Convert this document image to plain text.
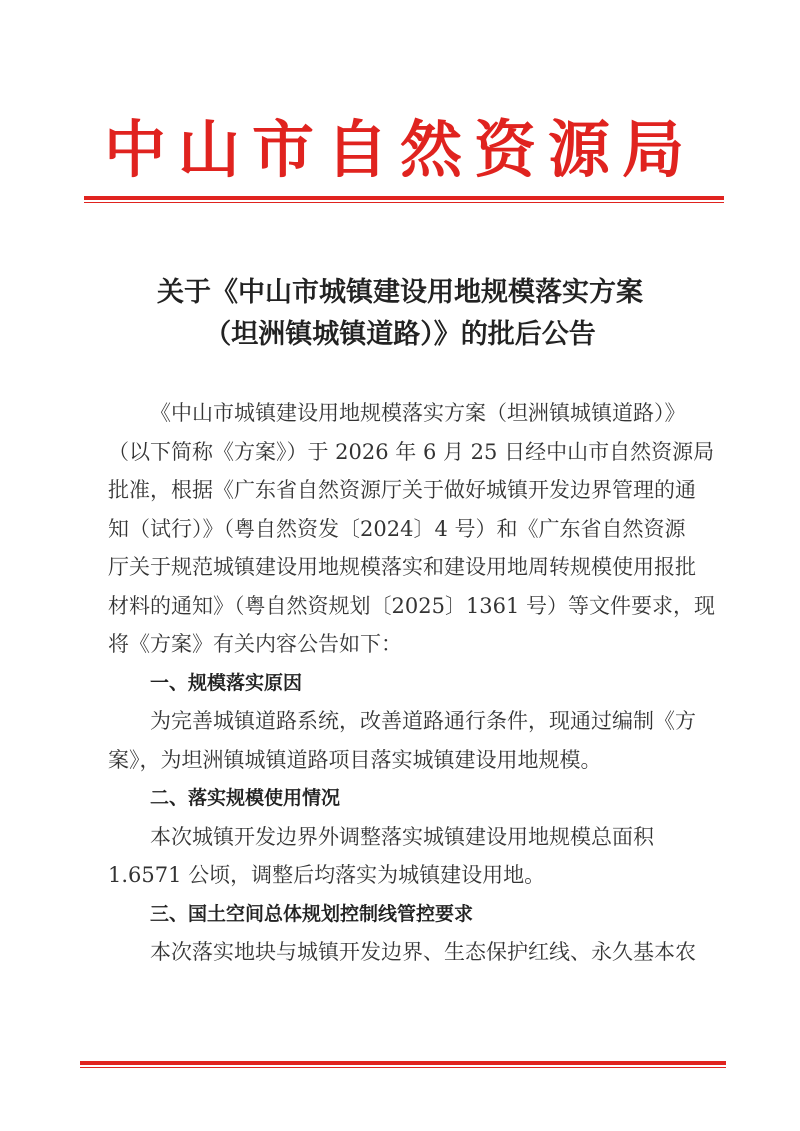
中山市自然资源局
关于《中山市城镇建设用地规模落实方案
（坦洲镇城镇道路）》的批后公告

《中山市城镇建设用地规模落实方案（坦洲镇城镇道路）》
（以下简称《方案》）于 2026 年 6 月 25 日经中山市自然资源局
批准，根据《广东省自然资源厅关于做好城镇开发边界管理的通
知（试行）》（粤自然资发〔2024〕4 号）和《广东省自然资源
厅关于规范城镇建设用地规模落实和建设用地周转规模使用报批
材料的通知》（粤自然资规划〔2025〕1361 号）等文件要求，现
将《方案》有关内容公告如下：

一、规模落实原因

为完善城镇道路系统，改善道路通行条件，现通过编制《方
案》，为坦洲镇城镇道路项目落实城镇建设用地规模。

二、落实规模使用情况

本次城镇开发边界外调整落实城镇建设用地规模总面积
1.6571 公顷，调整后均落实为城镇建设用地。

三、国土空间总体规划控制线管控要求

本次落实地块与城镇开发边界、生态保护红线、永久基本农
